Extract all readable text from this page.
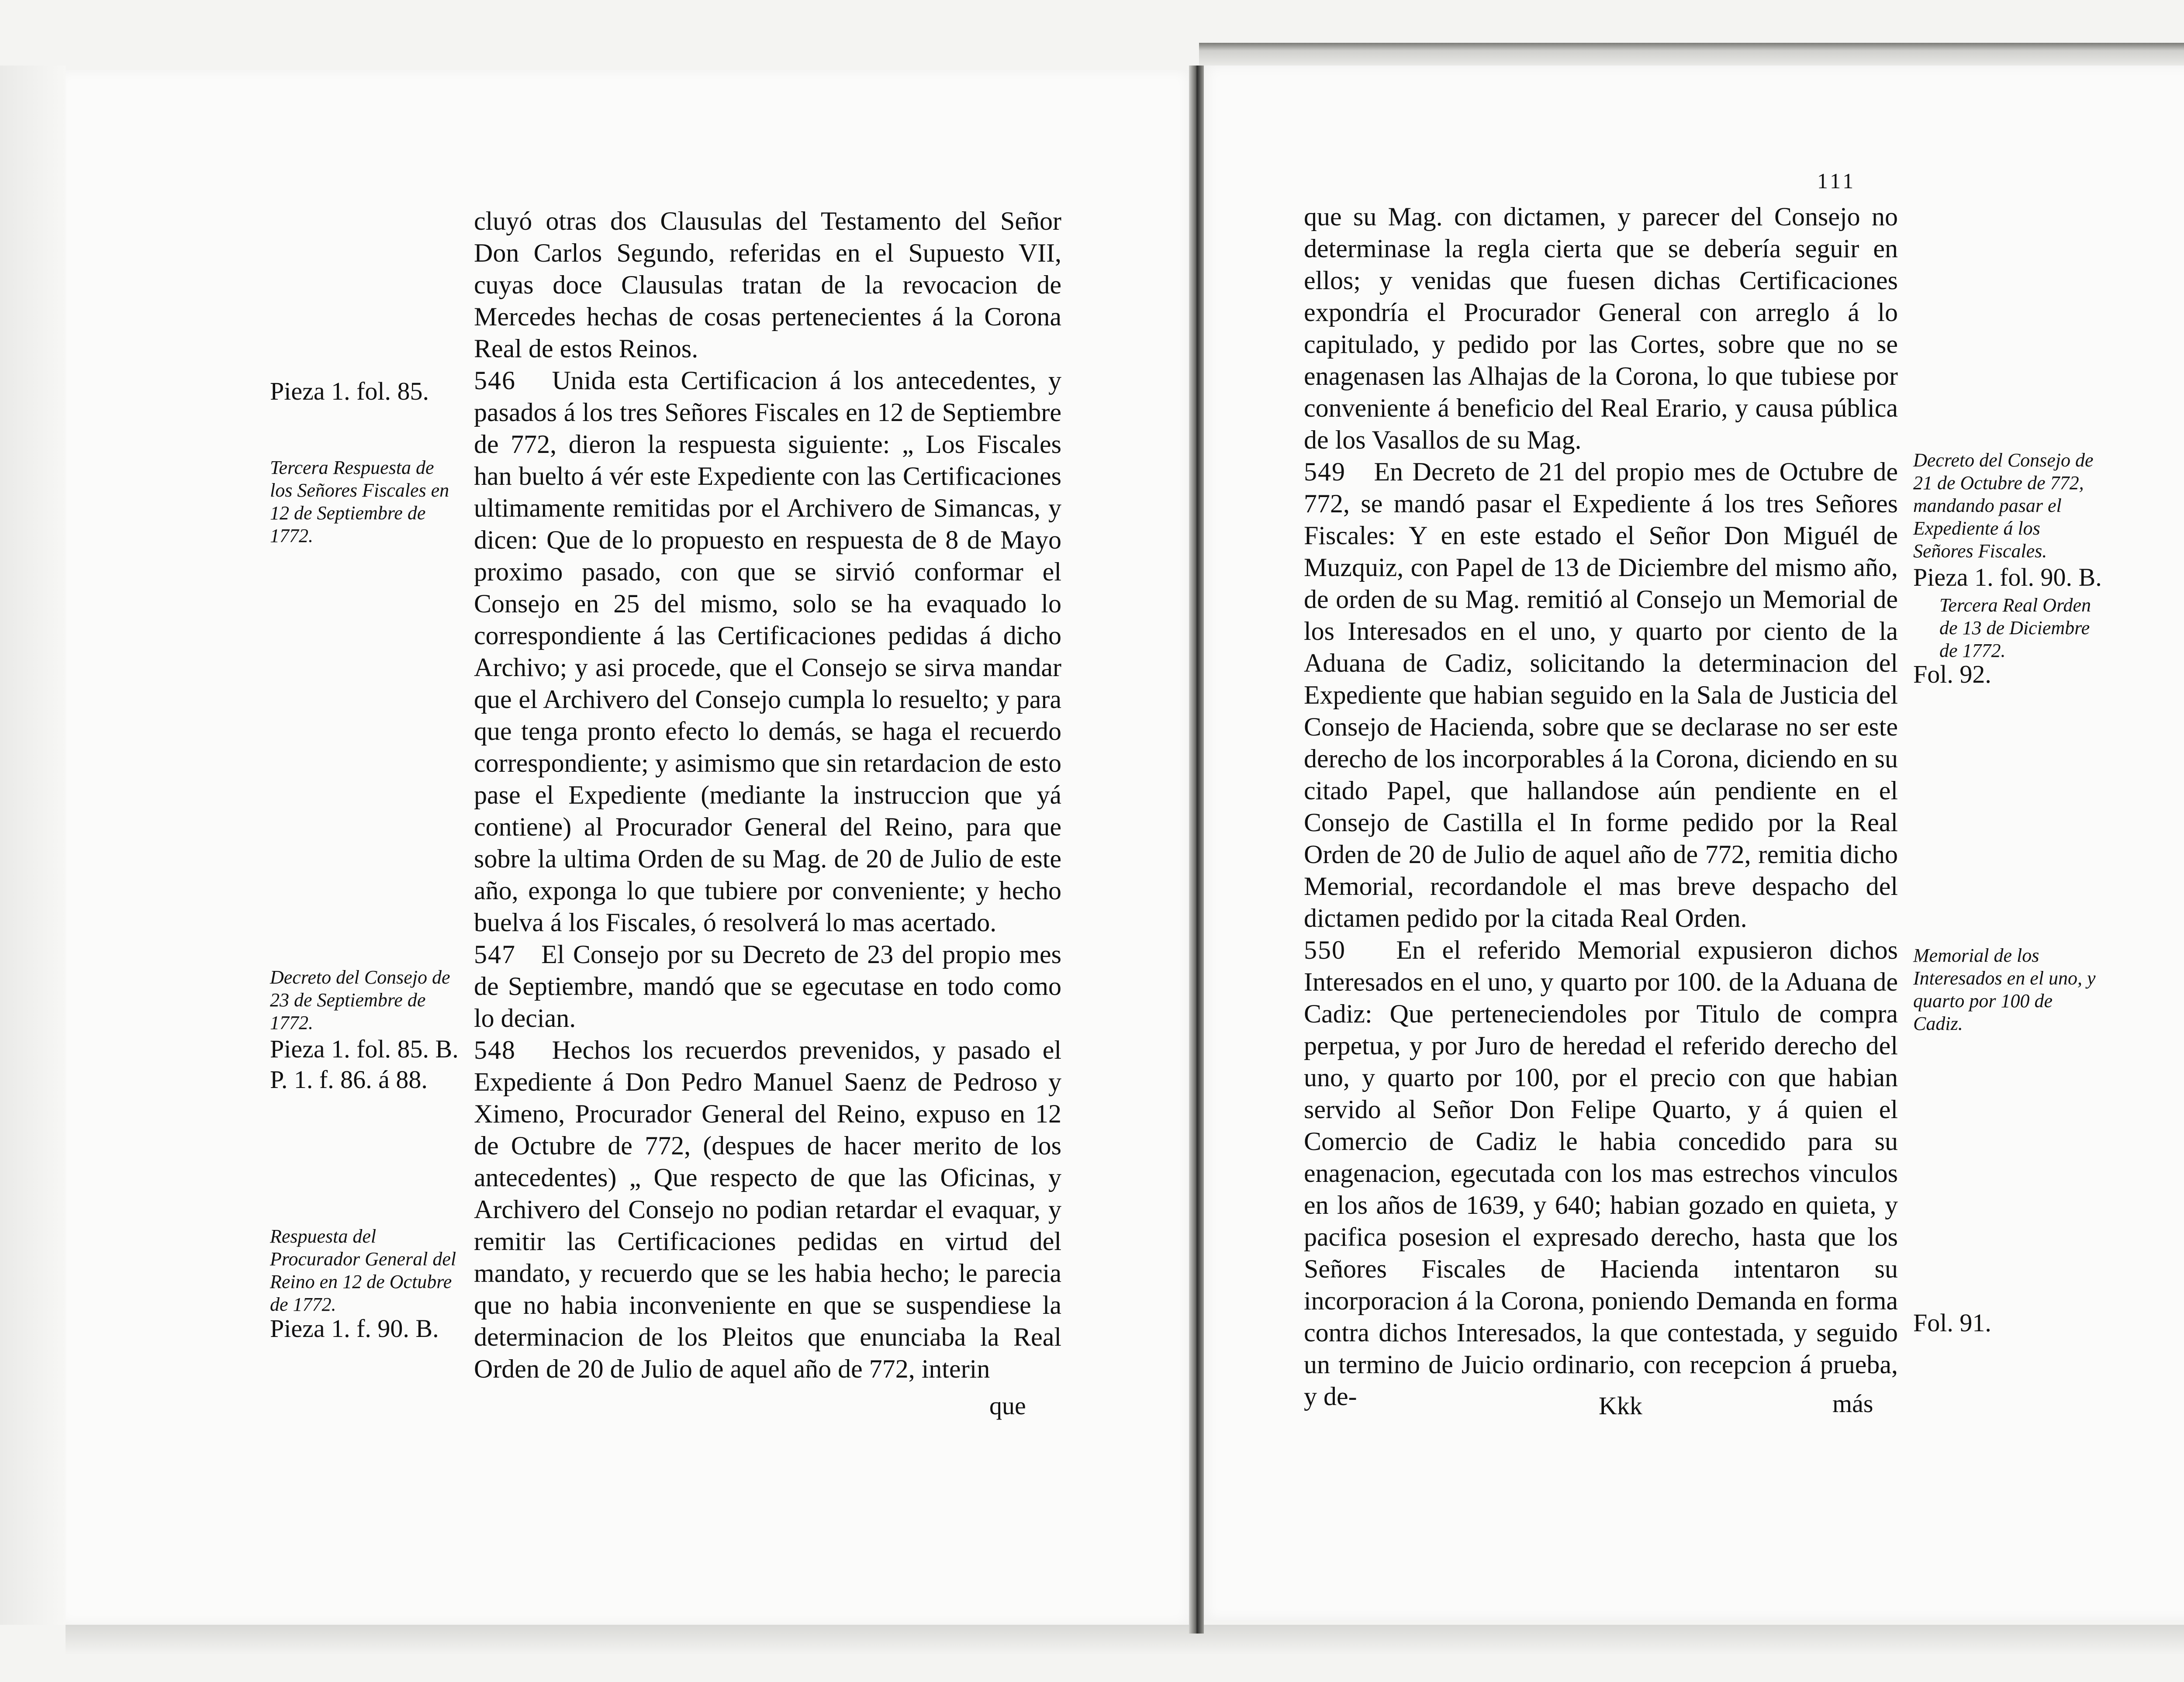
Pieza 1. fol. 85.
Tercera Respuesta de los Señores Fiscales en 12 de Septiembre de 1772.
Decreto del Consejo de 23 de Septiembre de 1772.
Pieza 1. fol. 85. B.
P. 1. f. 86. á 88.
Respuesta del Procurador General del Reino en 12 de Octubre de 1772.
Pieza 1. f. 90. B.

cluyó otras dos Clausulas del Testamento del Señor Don Carlos Segundo, referidas en el Supuesto VII, cuyas doce Clausulas tratan de la revocacion de Mercedes hechas de cosas pertenecientes á la Corona Real de estos Reinos.

546 Unida esta Certificacion á los antecedentes, y pasados á los tres Señores Fiscales en 12 de Septiembre de 772, dieron la respuesta siguiente: „ Los Fiscales han buelto á vér este Expediente con las Certificaciones ultimamente remitidas por el Archivero de Simancas, y dicen: Que de lo propuesto en respuesta de 8 de Mayo proximo pasado, con que se sirvió conformar el Consejo en 25 del mismo, solo se ha evaquado lo correspondiente á las Certificaciones pedidas á dicho Archivo; y asi procede, que el Consejo se sirva mandar que el Archivero del Consejo cumpla lo resuelto; y para que tenga pronto efecto lo demás, se haga el recuerdo correspondiente; y asimismo que sin retardacion de esto pase el Expediente (mediante la instruccion que yá contiene) al Procurador General del Reino, para que sobre la ultima Orden de su Mag. de 20 de Julio de este año, exponga lo que tubiere por conveniente; y hecho buelva á los Fiscales, ó resolverá lo mas acertado.

547 El Consejo por su Decreto de 23 del propio mes de Septiembre, mandó que se egecutase en todo como lo decian.

548 Hechos los recuerdos prevenidos, y pasado el Expediente á Don Pedro Manuel Saenz de Pedroso y Ximeno, Procurador General del Reino, expuso en 12 de Octubre de 772, (despues de hacer merito de los antecedentes) „ Que respecto de que las Oficinas, y Archivero del Consejo no podian retardar el evaquar, y remitir las Certificaciones pedidas en virtud del mandato, y recuerdo que se les habia hecho; le parecia que no habia inconveniente en que se suspendiese la determinacion de los Pleitos que enunciaba la Real Orden de 20 de Julio de aquel año de 772, interin

que
111

que su Mag. con dictamen, y parecer del Consejo no determinase la regla cierta que se debería seguir en ellos; y venidas que fuesen dichas Certificaciones expondría el Procurador General con arreglo á lo capitulado, y pedido por las Cortes, sobre que no se enagenasen las Alhajas de la Corona, lo que tubiese por conveniente á beneficio del Real Erario, y causa pública de los Vasallos de su Mag.

549 En Decreto de 21 del propio mes de Octubre de 772, se mandó pasar el Expediente á los tres Señores Fiscales: Y en este estado el Señor Don Miguél de Muzquiz, con Papel de 13 de Diciembre del mismo año, de orden de su Mag. remitió al Consejo un Memorial de los Interesados en el uno, y quarto por ciento de la Aduana de Cadiz, solicitando la determinacion del Expediente que habian seguido en la Sala de Justicia del Consejo de Hacienda, sobre que se declarase no ser este derecho de los incorporables á la Corona, diciendo en su citado Papel, que hallandose aún pendiente en el Consejo de Castilla el In forme pedido por la Real Orden de 20 de Julio de aquel año de 772, remitia dicho Memorial, recordandole el mas breve despacho del dictamen pedido por la citada Real Orden.

550 En el referido Memorial expusieron dichos Interesados en el uno, y quarto por 100. de la Aduana de Cadiz: Que perteneciendoles por Titulo de compra perpetua, y por Juro de heredad el referido derecho del uno, y quarto por 100, por el precio con que habian servido al Señor Don Felipe Quarto, y á quien el Comercio de Cadiz le habia concedido para su enagenacion, egecutada con los mas estrechos vinculos en los años de 1639, y 640; habian gozado en quieta, y pacifica posesion el expresado derecho, hasta que los Señores Fiscales de Hacienda intentaron su incorporacion á la Corona, poniendo Demanda en forma contra dichos Interesados, la que contestada, y seguido un termino de Juicio ordinario, con recepcion á prueba, y de-	Kkk	más
Decreto del Consejo de 21 de Octubre de 772, mandando pasar el Expediente á los Señores Fiscales.
Pieza 1. fol. 90. B.
Tercera Real Orden de 13 de Diciembre de 1772.
Fol. 92.
Memorial de los Interesados en el uno, y quarto por 100 de Cadiz.
Fol. 91.
